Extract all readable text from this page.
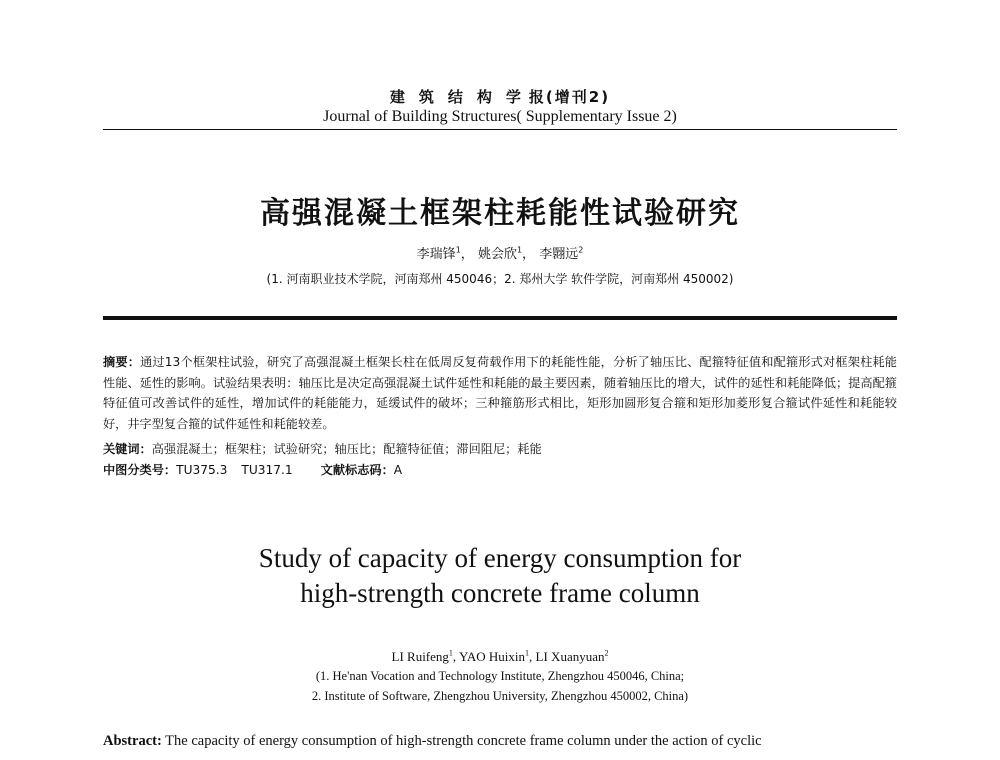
建筑结构学报(增刊2)
Journal of Building Structures( Supplementary Issue 2)
高强混凝土框架柱耗能性试验研究
李瑞锋$^1$， 姚会欣$^1$， 李翾远$^2$
(1. 河南职业技术学院，河南郑州 450046；2. 郑州大学 软件学院，河南郑州 450002)
摘要：通过13个框架柱试验，研究了高强混凝土框架长柱在低周反复荷载作用下的耗能性能，分析了轴压比、配箍特征值和配箍形式对框架柱耗能性能、延性的影响。试验结果表明：轴压比是决定高强混凝土试件延性和耗能的最主要因素，随着轴压比的增大，试件的延性和耗能降低；提高配箍特征值可改善试件的延性，增加试件的耗能能力，延缓试件的破坏；三种箍筋形式相比，矩形加圆形复合箍和矩形加菱形复合箍试件延性和耗能较好，井字型复合箍的试件延性和耗能较差。
关键词：高强混凝土；框架柱；试验研究；轴压比；配箍特征值；滞回阻尼；耗能
中图分类号：TU375.3 TU317.1 文献标志码：A
Study of capacity of energy consumption for
high-strength concrete frame column
LI Ruifeng$^1$, YAO Huixin$^1$, LI Xuanyuan$^2$
(1. He'nan Vocation and Technology Institute, Zhengzhou 450046, China;
2. Institute of Software, Zhengzhou University, Zhengzhou 450002, China)
Abstract: The capacity of energy consumption of high-strength concrete frame column under the action of cyclic
